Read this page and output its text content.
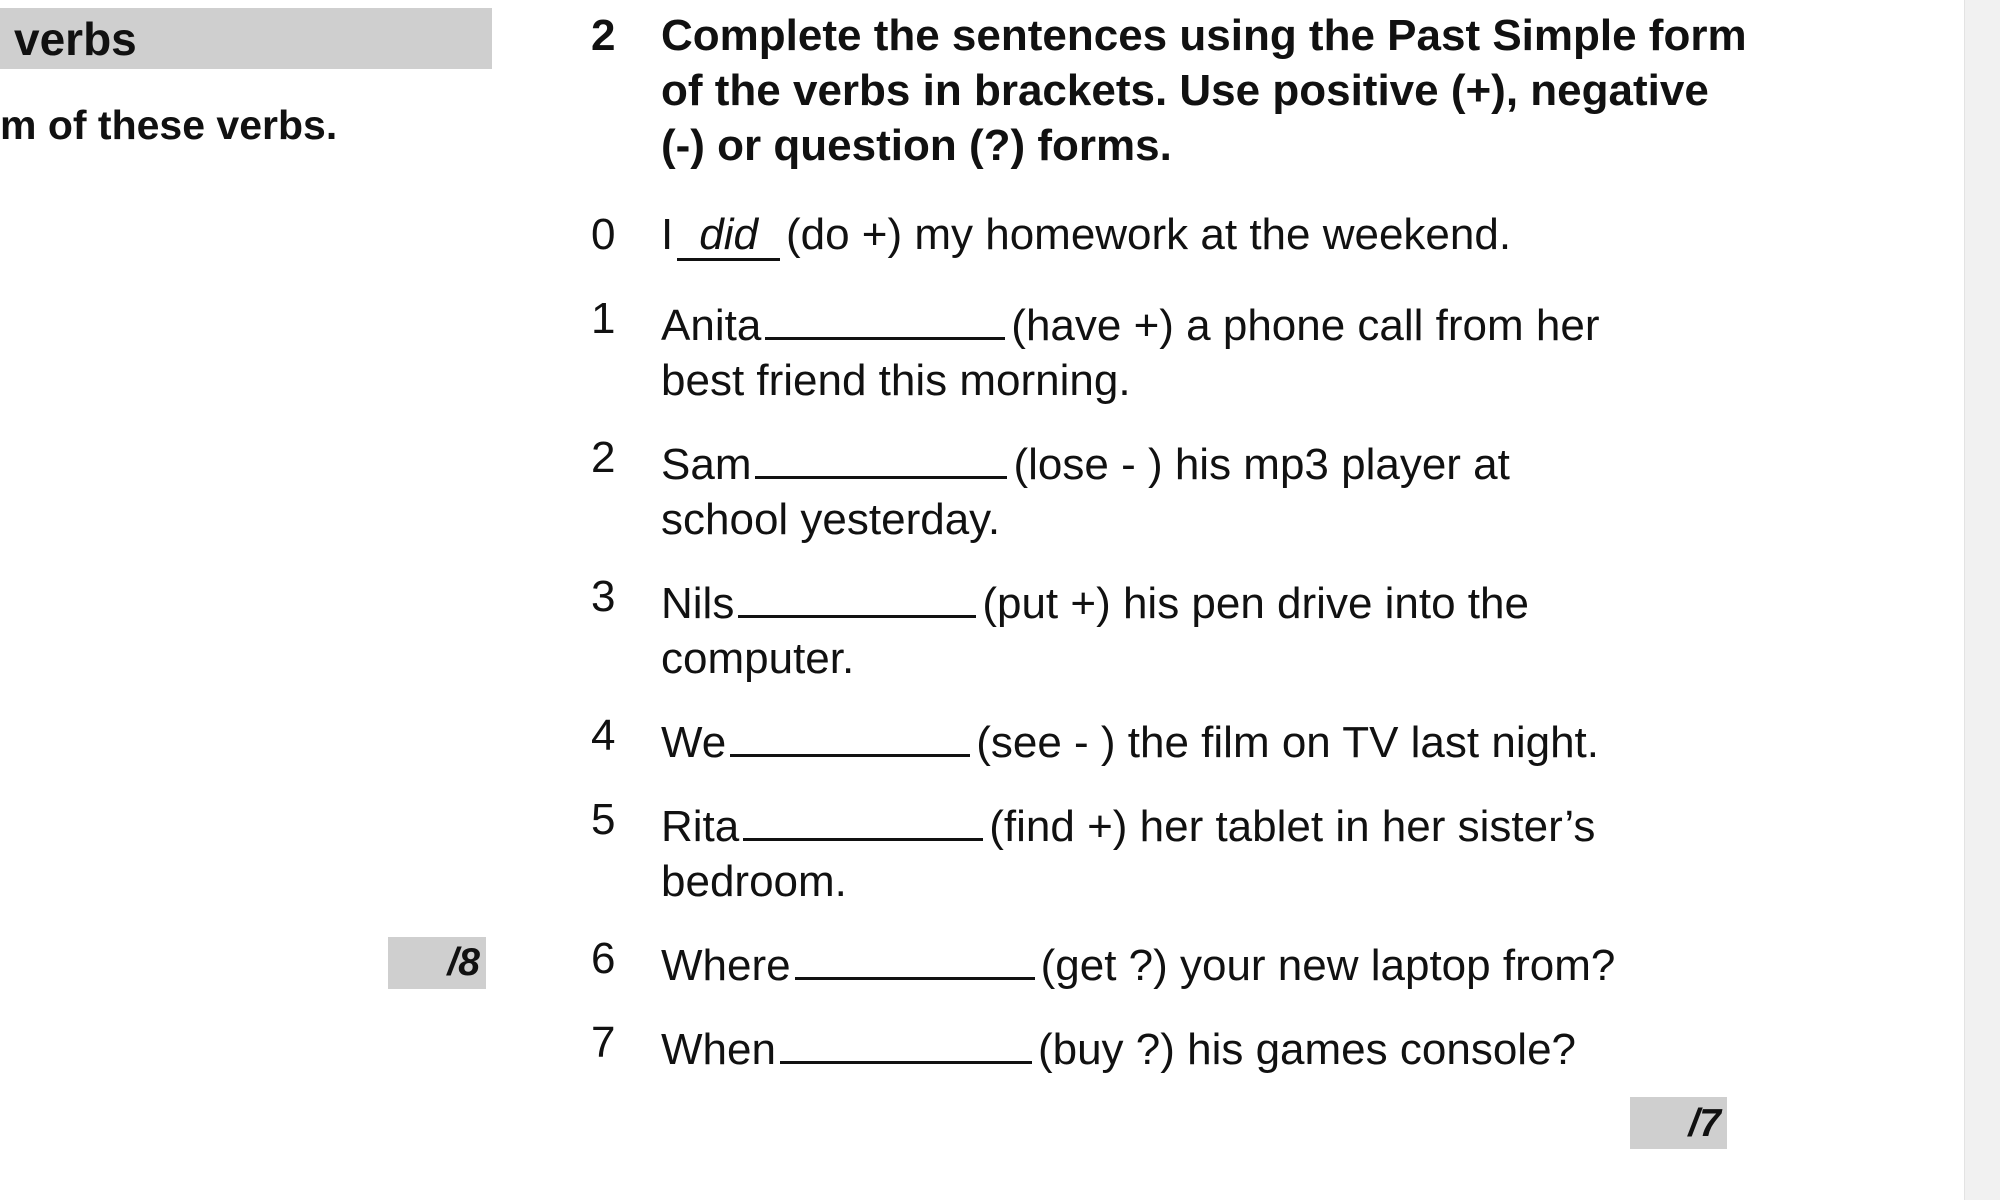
verbs
m of these verbs.
/8
2 Complete the sentences using the Past Simple form of the verbs in brackets. Use positive (+), negative (-) or question (?) forms.
0 I did (do +) my homework at the weekend.
1 Anita	(have +) a phone call from her
best friend this morning.
2 Sam	(lose - ) his mp3 player at
school yesterday.
3 Nils	(put +) his pen drive into the
computer.
4 We	(see - ) the film on TV last night.
5 Rita	(find +) her tablet in her sister’s
bedroom.
6 Where	(get ?) your new laptop from?
7 When	(buy ?) his games console?
/7
